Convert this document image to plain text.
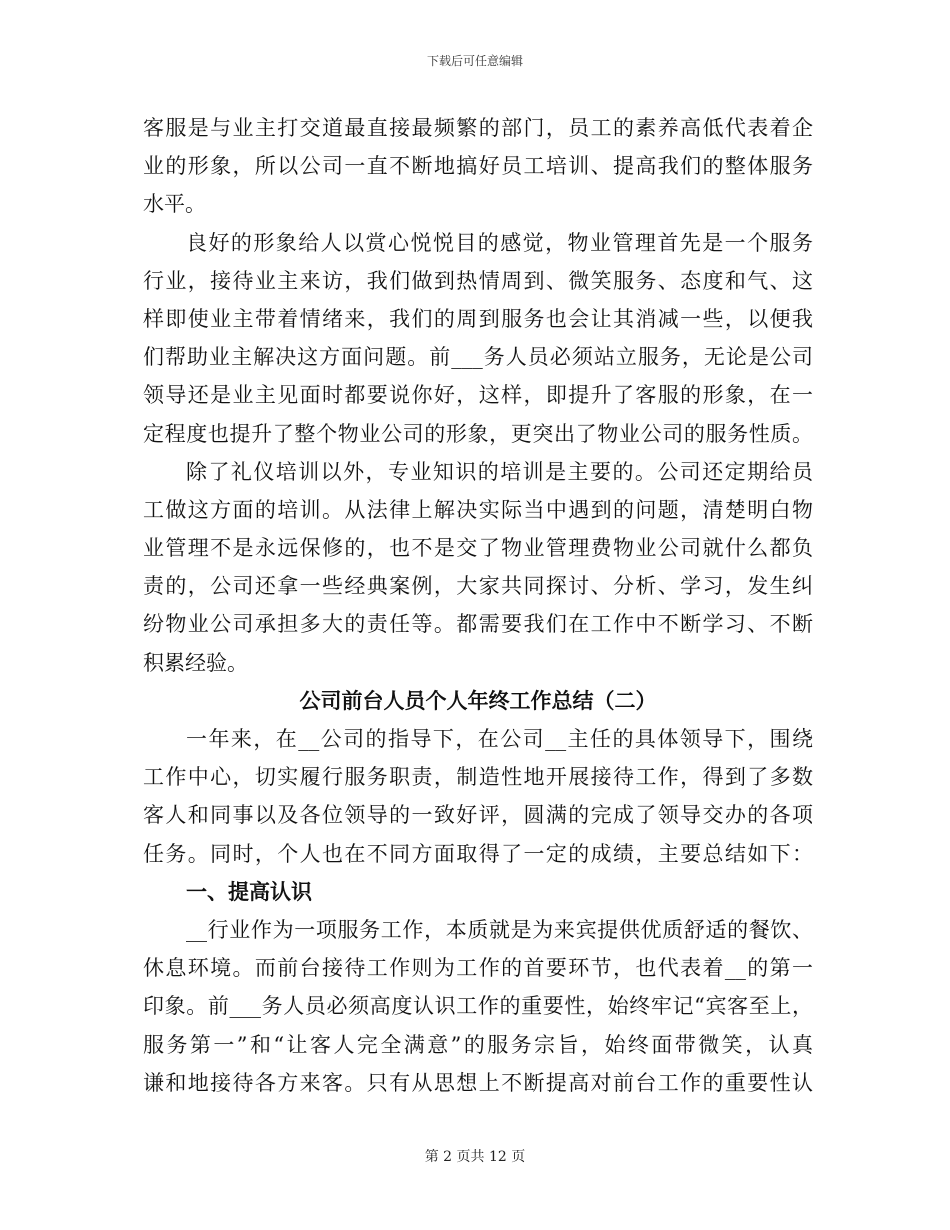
下载后可任意编辑
客服是与业主打交道最直接最频繁的部门，员工的素养高低代表着企
业的形象，所以公司一直不断地搞好员工培训、提高我们的整体服务
水平。
良好的形象给人以赏心悦悦目的感觉，物业管理首先是一个服务
行业，接待业主来访，我们做到热情周到、微笑服务、态度和气、这
样即使业主带着情绪来，我们的周到服务也会让其消减一些，以便我
们帮助业主解决这方面问题。前___务人员必须站立服务，无论是公司
领导还是业主见面时都要说你好，这样，即提升了客服的形象，在一
定程度也提升了整个物业公司的形象，更突出了物业公司的服务性质。
除了礼仪培训以外，专业知识的培训是主要的。公司还定期给员
工做这方面的培训。从法律上解决实际当中遇到的问题，清楚明白物
业管理不是永远保修的，也不是交了物业管理费物业公司就什么都负
责的，公司还拿一些经典案例，大家共同探讨、分析、学习，发生纠
纷物业公司承担多大的责任等。都需要我们在工作中不断学习、不断
积累经验。
公司前台人员个人年终工作总结（二）
一年来，在__公司的指导下，在公司__主任的具体领导下，围绕
工作中心，切实履行服务职责，制造性地开展接待工作，得到了多数
客人和同事以及各位领导的一致好评，圆满的完成了领导交办的各项
任务。同时，个人也在不同方面取得了一定的成绩，主要总结如下：
一、提高认识
__行业作为一项服务工作，本质就是为来宾提供优质舒适的餐饮、
休息环境。而前台接待工作则为工作的首要环节，也代表着__的第一
印象。前___务人员必须高度认识工作的重要性，始终牢记“宾客至上，
服务第一”和“让客人完全满意”的服务宗旨，始终面带微笑，认真
谦和地接待各方来客。只有从思想上不断提高对前台工作的重要性认
第 2 页共 12 页
